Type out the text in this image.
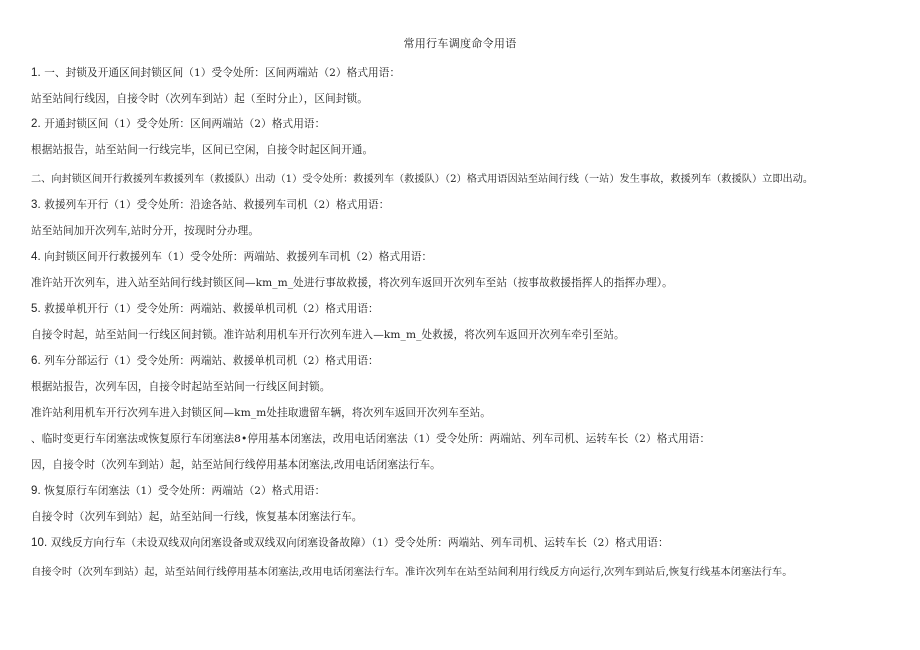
常用行车调度命令用语
1. 一、封锁及开通区间封锁区间（1）受令处所：区间两端站（2）格式用语：
站至站间行线因，自接令时（次列车到站）起（至时分止），区间封锁。
2. 开通封锁区间（1）受令处所：区间两端站（2）格式用语：
根据站报告，站至站间一行线完毕，区间已空闲，自接令时起区间开通。
二、向封锁区间开行救援列车救援列车（救援队）出动（1）受令处所：救援列车（救援队）（2）格式用语因站至站间行线（一站）发生事故，救援列车（救援队）立即出动。
3. 救援列车开行（1）受令处所：沿途各站、救援列车司机（2）格式用语：
站至站间加开次列车,站时分开，按现时分办理。
4. 向封锁区间开行救援列车（1）受令处所：两端站、救援列车司机（2）格式用语：
准许站开次列车，进入站至站间行线封锁区间—km_m_处进行事故救援，将次列车返回开次列车至站（按事故救援指挥人的指挥办理）。
5. 救援单机开行（1）受令处所：两端站、救援单机司机（2）格式用语：
自接令时起，站至站间一行线区间封锁。准许站利用机车开行次列车进入—km_m_处救援，将次列车返回开次列车牵引至站。
6. 列车分部运行（1）受令处所：两端站、救援单机司机（2）格式用语：
根据站报告，次列车因，自接令时起站至站间一行线区间封锁。
准许站利用机车开行次列车进入封锁区间—km_m处挂取遗留车辆，将次列车返回开次列车至站。
、临时变更行车闭塞法或恢复原行车闭塞法8•停用基本闭塞法，改用电话闭塞法（1）受令处所：两端站、列车司机、运转车长（2）格式用语：
因，自接令时（次列车到站）起，站至站间行线停用基本闭塞法,改用电话闭塞法行车。
9. 恢复原行车闭塞法（1）受令处所：两端站（2）格式用语：
自接令时（次列车到站）起，站至站间一行线，恢复基本闭塞法行车。
10. 双线反方向行车（未设双线双向闭塞设备或双线双向闭塞设备故障）（1）受令处所：两端站、列车司机、运转车长（2）格式用语：
自接令时（次列车到站）起，站至站间行线停用基本闭塞法,改用电话闭塞法行车。准许次列车在站至站间利用行线反方向运行,次列车到站后,恢复行线基本闭塞法行车。
